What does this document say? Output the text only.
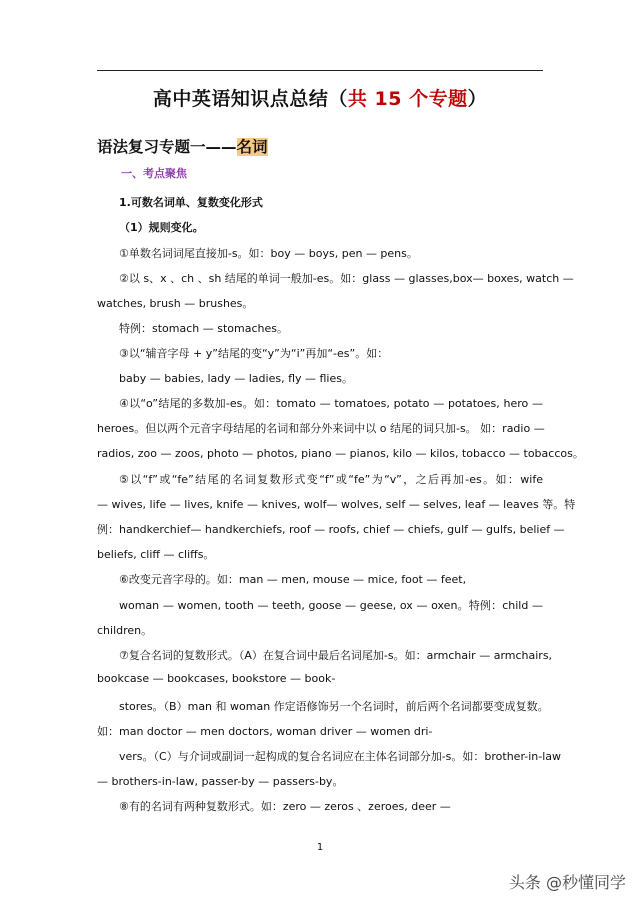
高中英语知识点总结（共 15 个专题）
语法复习专题一——名词
一、考点聚焦
1.可数名词单、复数变化形式
（1）规则变化。
①单数名词词尾直接加-s。如：boy — boys, pen — pens。
②以 s、x 、ch 、sh 结尾的单词一般加-es。如：glass — glasses,box— boxes, watch —
watches, brush — brushes。
特例：stomach — stomaches。
③以“辅音字母 + y”结尾的变“y”为“i”再加“-es”。如：
baby — babies, lady — ladies, fly — flies。
④以“o”结尾的多数加-es。如：tomato — tomatoes, potato — potatoes, hero —
heroes。但以两个元音字母结尾的名词和部分外来词中以 o 结尾的词只加-s。 如：radio —
radios, zoo — zoos, photo — photos, piano — pianos, kilo — kilos, tobacco — tobaccos。
⑤以“f”或“fe”结尾的名词复数形式变“f”或“fe”为“v”，之后再加-es。如：wife
— wives, life — lives, knife — knives, wolf— wolves, self — selves, leaf — leaves 等。特
例：handkerchief— handkerchiefs, roof — roofs, chief — chiefs, gulf — gulfs, belief —
beliefs, cliff — cliffs。
⑥改变元音字母的。如：man — men, mouse — mice, foot — feet,
woman — women, tooth — teeth, goose — geese, ox — oxen。特例：child —
children。
⑦复合名词的复数形式。（A）在复合词中最后名词尾加-s。如：armchair — armchairs,
bookcase — bookcases, bookstore — book-
stores。（B）man 和 woman 作定语修饰另一个名词时，前后两个名词都要变成复数。
如：man doctor — men doctors, woman driver — women dri-
vers。（C）与介词或副词一起构成的复合名词应在主体名词部分加-s。如：brother-in-law
— brothers-in-law, passer-by — passers-by。
⑧有的名词有两种复数形式。如：zero — zeros 、zeroes, deer —
1
头条 @秒懂同学
